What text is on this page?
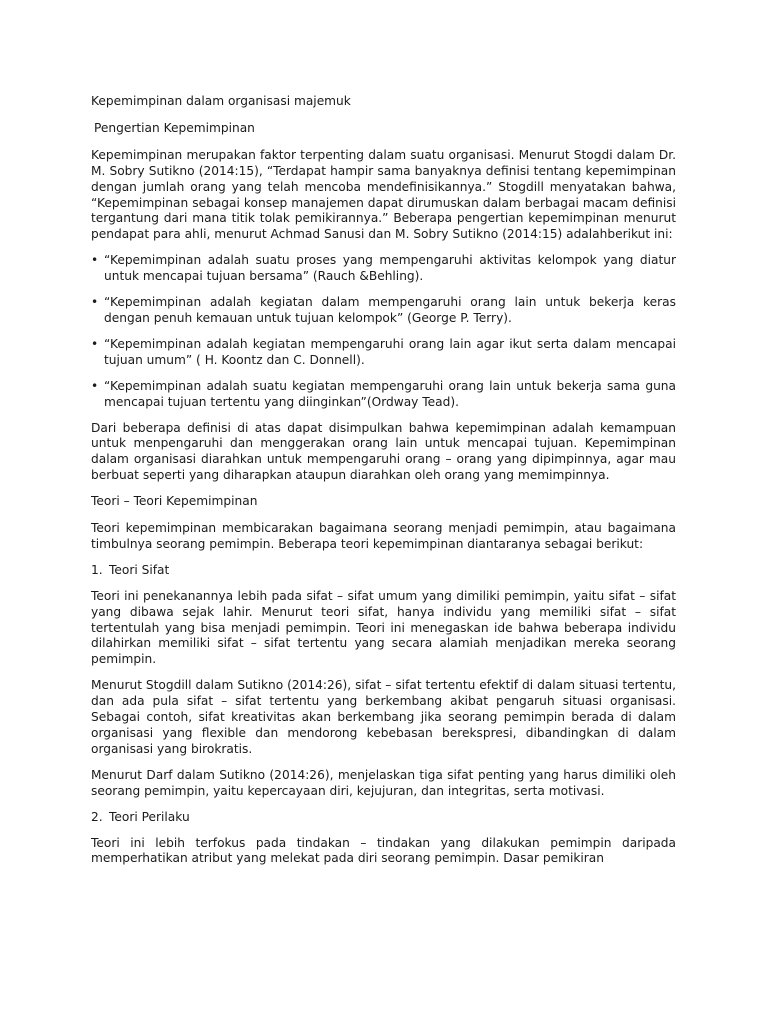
Kepemimpinan dalam organisasi majemuk

Pengertian Kepemimpinan

Kepemimpinan merupakan faktor terpenting dalam suatu organisasi. Menurut Stogdi dalam Dr. M. Sobry Sutikno (2014:15), “Terdapat hampir sama banyaknya definisi tentang kepemimpinan dengan jumlah orang yang telah mencoba mendefinisikannya.” Stogdill menyatakan bahwa, “Kepemimpinan sebagai konsep manajemen dapat dirumuskan dalam berbagai macam definisi tergantung dari mana titik tolak pemikirannya.” Beberapa pengertian kepemimpinan menurut pendapat para ahli, menurut Achmad Sanusi dan M. Sobry Sutikno (2014:15) adalahberikut ini:

• “Kepemimpinan adalah suatu proses yang mempengaruhi aktivitas kelompok yang diatur untuk mencapai tujuan bersama” (Rauch &Behling).
• “Kepemimpinan adalah kegiatan dalam mempengaruhi orang lain untuk bekerja keras dengan penuh kemauan untuk tujuan kelompok” (George P. Terry).
• “Kepemimpinan adalah kegiatan mempengaruhi orang lain agar ikut serta dalam mencapai tujuan umum” ( H. Koontz dan C. Donnell).
• “Kepemimpinan adalah suatu kegiatan mempengaruhi orang lain untuk bekerja sama guna mencapai tujuan tertentu yang diinginkan”(Ordway Tead).

Dari beberapa definisi di atas dapat disimpulkan bahwa kepemimpinan adalah kemampuan untuk menpengaruhi dan menggerakan orang lain untuk mencapai tujuan. Kepemimpinan dalam organisasi diarahkan untuk mempengaruhi orang – orang yang dipimpinnya, agar mau berbuat seperti yang diharapkan ataupun diarahkan oleh orang yang memimpinnya.

Teori – Teori Kepemimpinan

Teori kepemimpinan membicarakan bagaimana seorang menjadi pemimpin, atau bagaimana timbulnya seorang pemimpin. Beberapa teori kepemimpinan diantaranya sebagai berikut:

1. Teori Sifat

Teori ini penekanannya lebih pada sifat – sifat umum yang dimiliki pemimpin, yaitu sifat – sifat yang dibawa sejak lahir. Menurut teori sifat, hanya individu yang memiliki sifat – sifat tertentulah yang bisa menjadi pemimpin. Teori ini menegaskan ide bahwa beberapa individu dilahirkan memiliki sifat – sifat tertentu yang secara alamiah menjadikan mereka seorang pemimpin.

Menurut Stogdill dalam Sutikno (2014:26), sifat – sifat tertentu efektif di dalam situasi tertentu, dan ada pula sifat – sifat tertentu yang berkembang akibat pengaruh situasi organisasi. Sebagai contoh, sifat kreativitas akan berkembang jika seorang pemimpin berada di dalam organisasi yang flexible dan mendorong kebebasan berekspresi, dibandingkan di dalam organisasi yang birokratis.

Menurut Darf dalam Sutikno (2014:26), menjelaskan tiga sifat penting yang harus dimiliki oleh seorang pemimpin, yaitu kepercayaan diri, kejujuran, dan integritas, serta motivasi.

2. Teori Perilaku

Teori ini lebih terfokus pada tindakan – tindakan yang dilakukan pemimpin daripada memperhatikan atribut yang melekat pada diri seorang pemimpin. Dasar pemikiran
